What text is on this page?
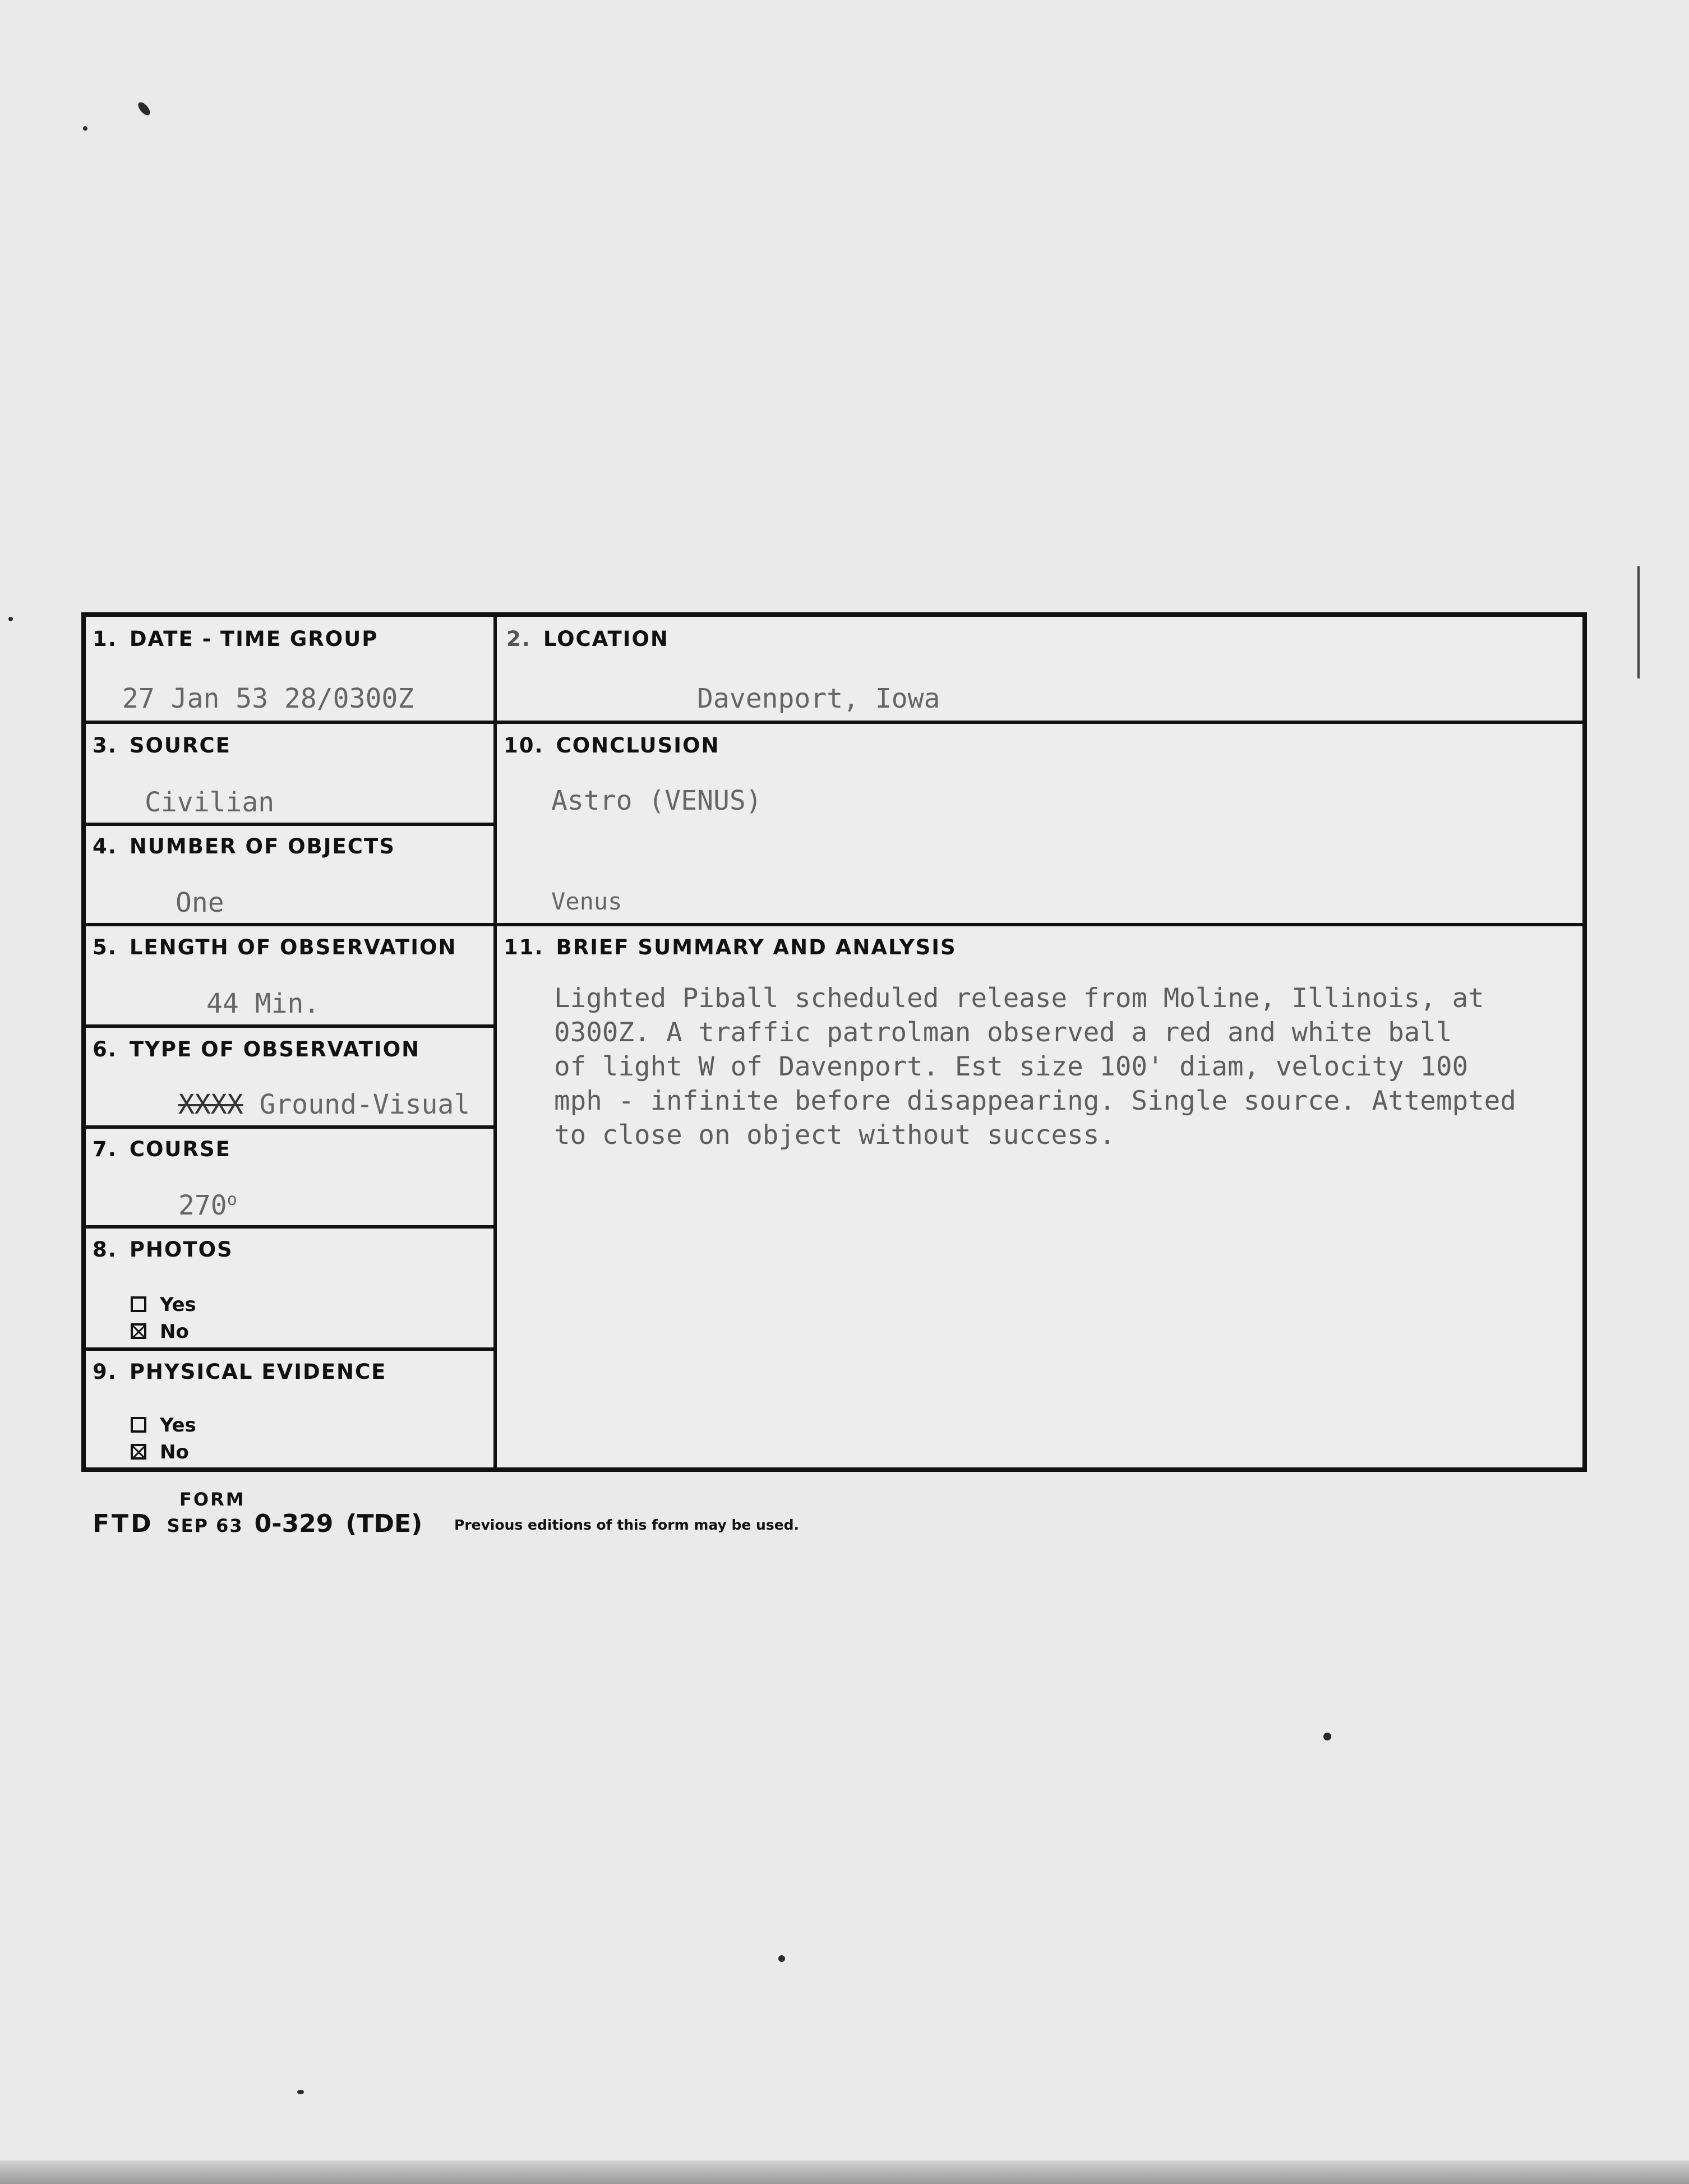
1. DATE - TIME GROUP
27 Jan 53 28/0300Z
2. LOCATION
Davenport, Iowa
3. SOURCE
Civilian
4. NUMBER OF OBJECTS
One
5. LENGTH OF OBSERVATION
44 Min.
6. TYPE OF OBSERVATION
XXXX Ground-Visual
7. COURSE
270$^o$
8. PHOTOS
Yes
No
9. PHYSICAL EVIDENCE
Yes
No
10. CONCLUSION
Astro (VENUS)
Venus
11. BRIEF SUMMARY AND ANALYSIS
Lighted Piball scheduled release from Moline, Illinois, at
0300Z. A traffic patrolman observed a red and white ball
of light W of Davenport. Est size 100' diam, velocity 100
mph - infinite before disappearing. Single source. Attempted
to close on object without success.
FORM
FTD SEP 63 0-329 (TDE) Previous editions of this form may be used.
